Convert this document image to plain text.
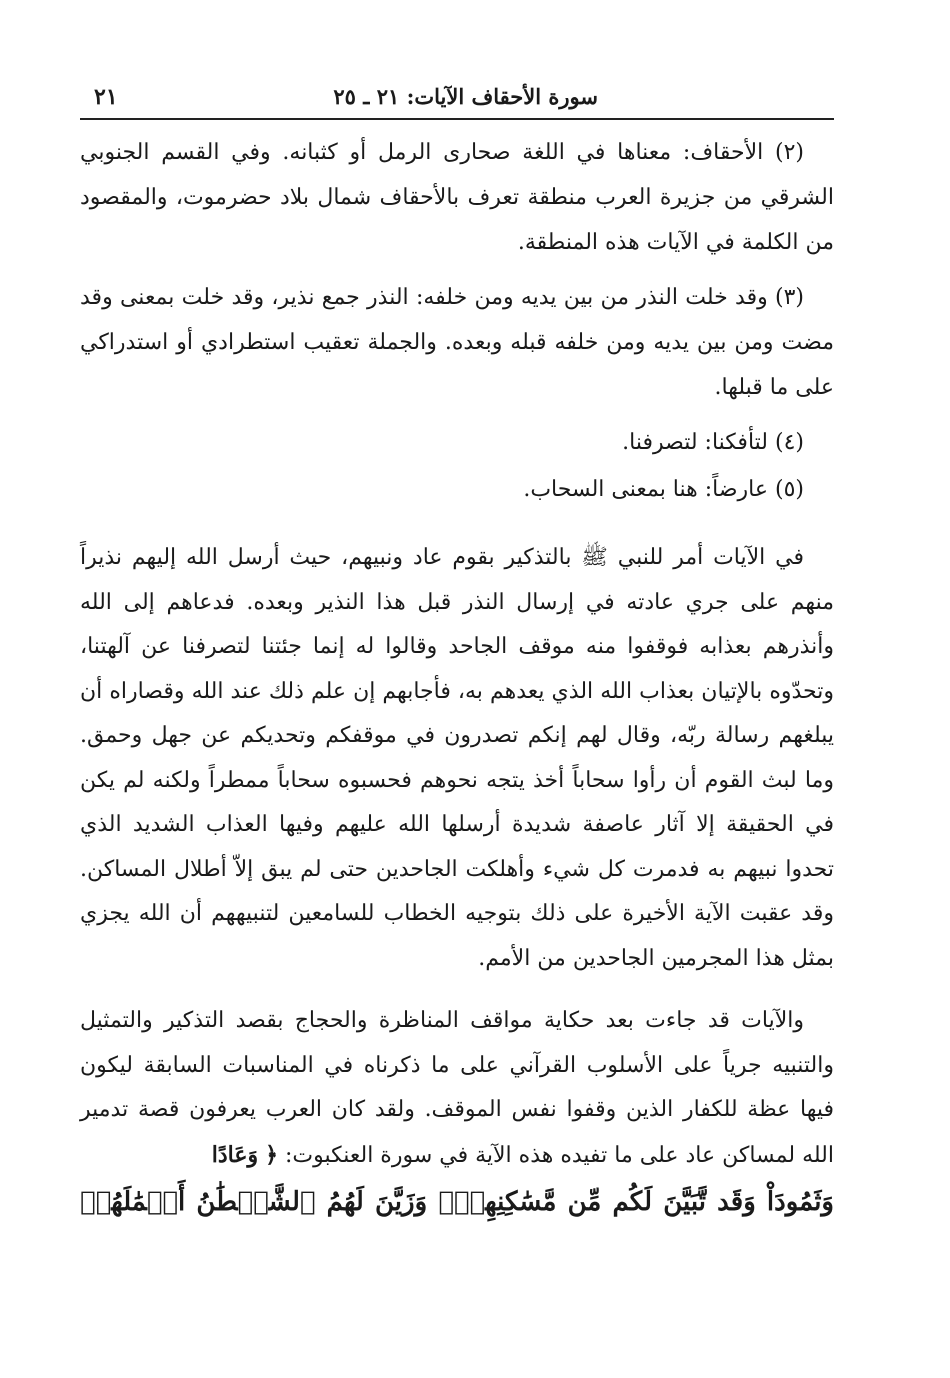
سورة الأحقاف الآيات: ٢١ ـ ٢٥
٢١

(٢) الأحقاف: معناها في اللغة صحارى الرمل أو كثبانه. وفي القسم الجنوبي الشرقي من جزيرة العرب منطقة تعرف بالأحقاف شمال بلاد حضرموت، والمقصود من الكلمة في الآيات هذه المنطقة.

(٣) وقد خلت النذر من بين يديه ومن خلفه: النذر جمع نذير، وقد خلت بمعنى وقد مضت ومن بين يديه ومن خلفه قبله وبعده. والجملة تعقيب استطرادي أو استدراكي على ما قبلها.

(٤) لتأفكنا: لتصرفنا.

(٥) عارضاً: هنا بمعنى السحاب.

في الآيات أمر للنبي ﷺ بالتذكير بقوم عاد ونبيهم، حيث أرسل الله إليهم نذيراً منهم على جري عادته في إرسال النذر قبل هذا النذير وبعده. فدعاهم إلى الله وأنذرهم بعذابه فوقفوا منه موقف الجاحد وقالوا له إنما جئتنا لتصرفنا عن آلهتنا، وتحدّوه بالإتيان بعذاب الله الذي يعدهم به، فأجابهم إن علم ذلك عند الله وقصاراه أن يبلغهم رسالة ربّه، وقال لهم إنكم تصدرون في موقفكم وتحديكم عن جهل وحمق. وما لبث القوم أن رأوا سحاباً أخذ يتجه نحوهم فحسبوه سحاباً ممطراً ولكنه لم يكن في الحقيقة إلا آثار عاصفة شديدة أرسلها الله عليهم وفيها العذاب الشديد الذي تحدوا نبيهم به فدمرت كل شيء وأهلكت الجاحدين حتى لم يبق إلاّ أطلال المساكن. وقد عقبت الآية الأخيرة على ذلك بتوجيه الخطاب للسامعين لتنبيههم أن الله يجزي بمثل هذا المجرمين الجاحدين من الأمم.

والآيات قد جاءت بعد حكاية مواقف المناظرة والحجاج بقصد التذكير والتمثيل والتنبيه جرياً على الأسلوب القرآني على ما ذكرناه في المناسبات السابقة ليكون فيها عظة للكفار الذين وقفوا نفس الموقف. ولقد كان العرب يعرفون قصة تدمير الله لمساكن عاد على ما تفيده هذه الآية في سورة العنكبوت: ﴿ وَعَادًا

وَثَمُودَاْ وَقَد تَّبَيَّنَ لَكُم مِّن مَّسَٰكِنِهِمْۖ وَزَيَّنَ لَهُمُ ٱلشَّيۡطَٰنُ أَعۡمَٰلَهُمۡ
